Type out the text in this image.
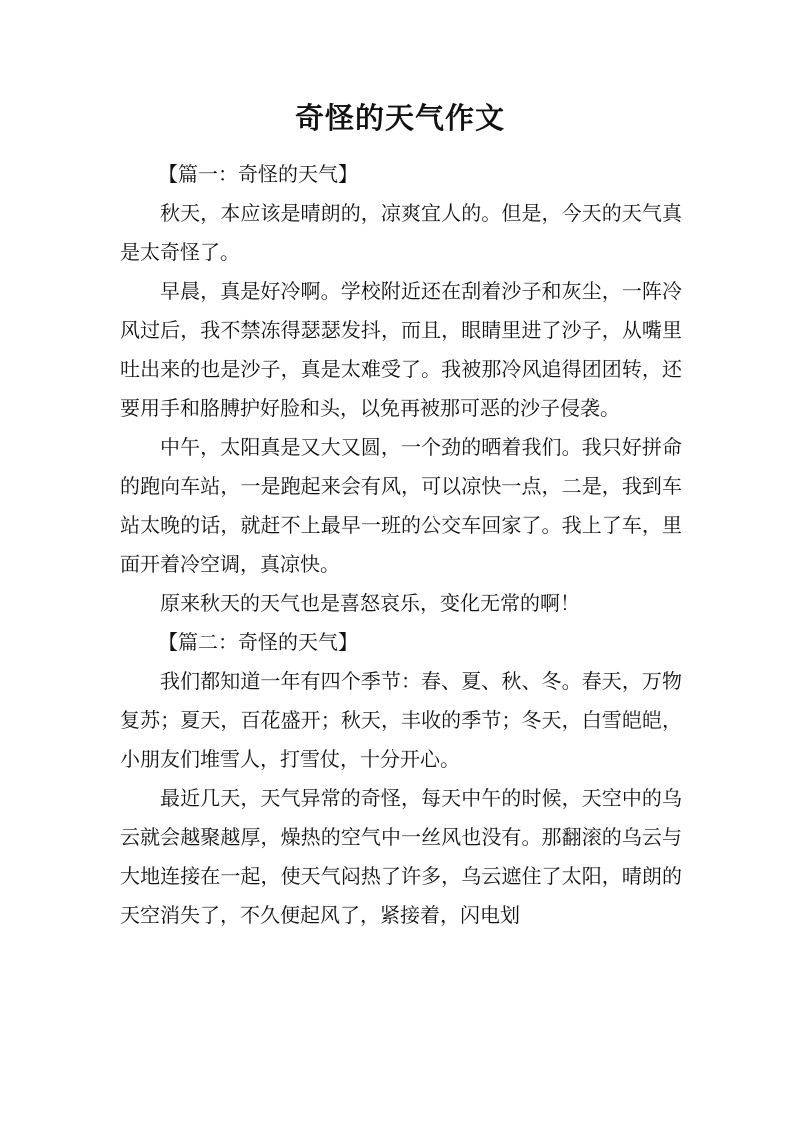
奇怪的天气作文

【篇一：奇怪的天气】

秋天，本应该是晴朗的，凉爽宜人的。但是，今天的天气真是太奇怪了。

早晨，真是好冷啊。学校附近还在刮着沙子和灰尘，一阵冷风过后，我不禁冻得瑟瑟发抖，而且，眼睛里进了沙子，从嘴里吐出来的也是沙子，真是太难受了。我被那冷风追得团团转，还要用手和胳膊护好脸和头，以免再被那可恶的沙子侵袭。

中午，太阳真是又大又圆，一个劲的晒着我们。我只好拼命的跑向车站，一是跑起来会有风，可以凉快一点，二是，我到车站太晚的话，就赶不上最早一班的公交车回家了。我上了车，里面开着冷空调，真凉快。

原来秋天的天气也是喜怒哀乐，变化无常的啊！

【篇二：奇怪的天气】

我们都知道一年有四个季节：春、夏、秋、冬。春天，万物复苏；夏天，百花盛开；秋天，丰收的季节；冬天，白雪皑皑，小朋友们堆雪人，打雪仗，十分开心。

最近几天，天气异常的奇怪，每天中午的时候，天空中的乌云就会越聚越厚，燥热的空气中一丝风也没有。那翻滚的乌云与大地连接在一起，使天气闷热了许多，乌云遮住了太阳，晴朗的天空消失了，不久便起风了，紧接着，闪电划
